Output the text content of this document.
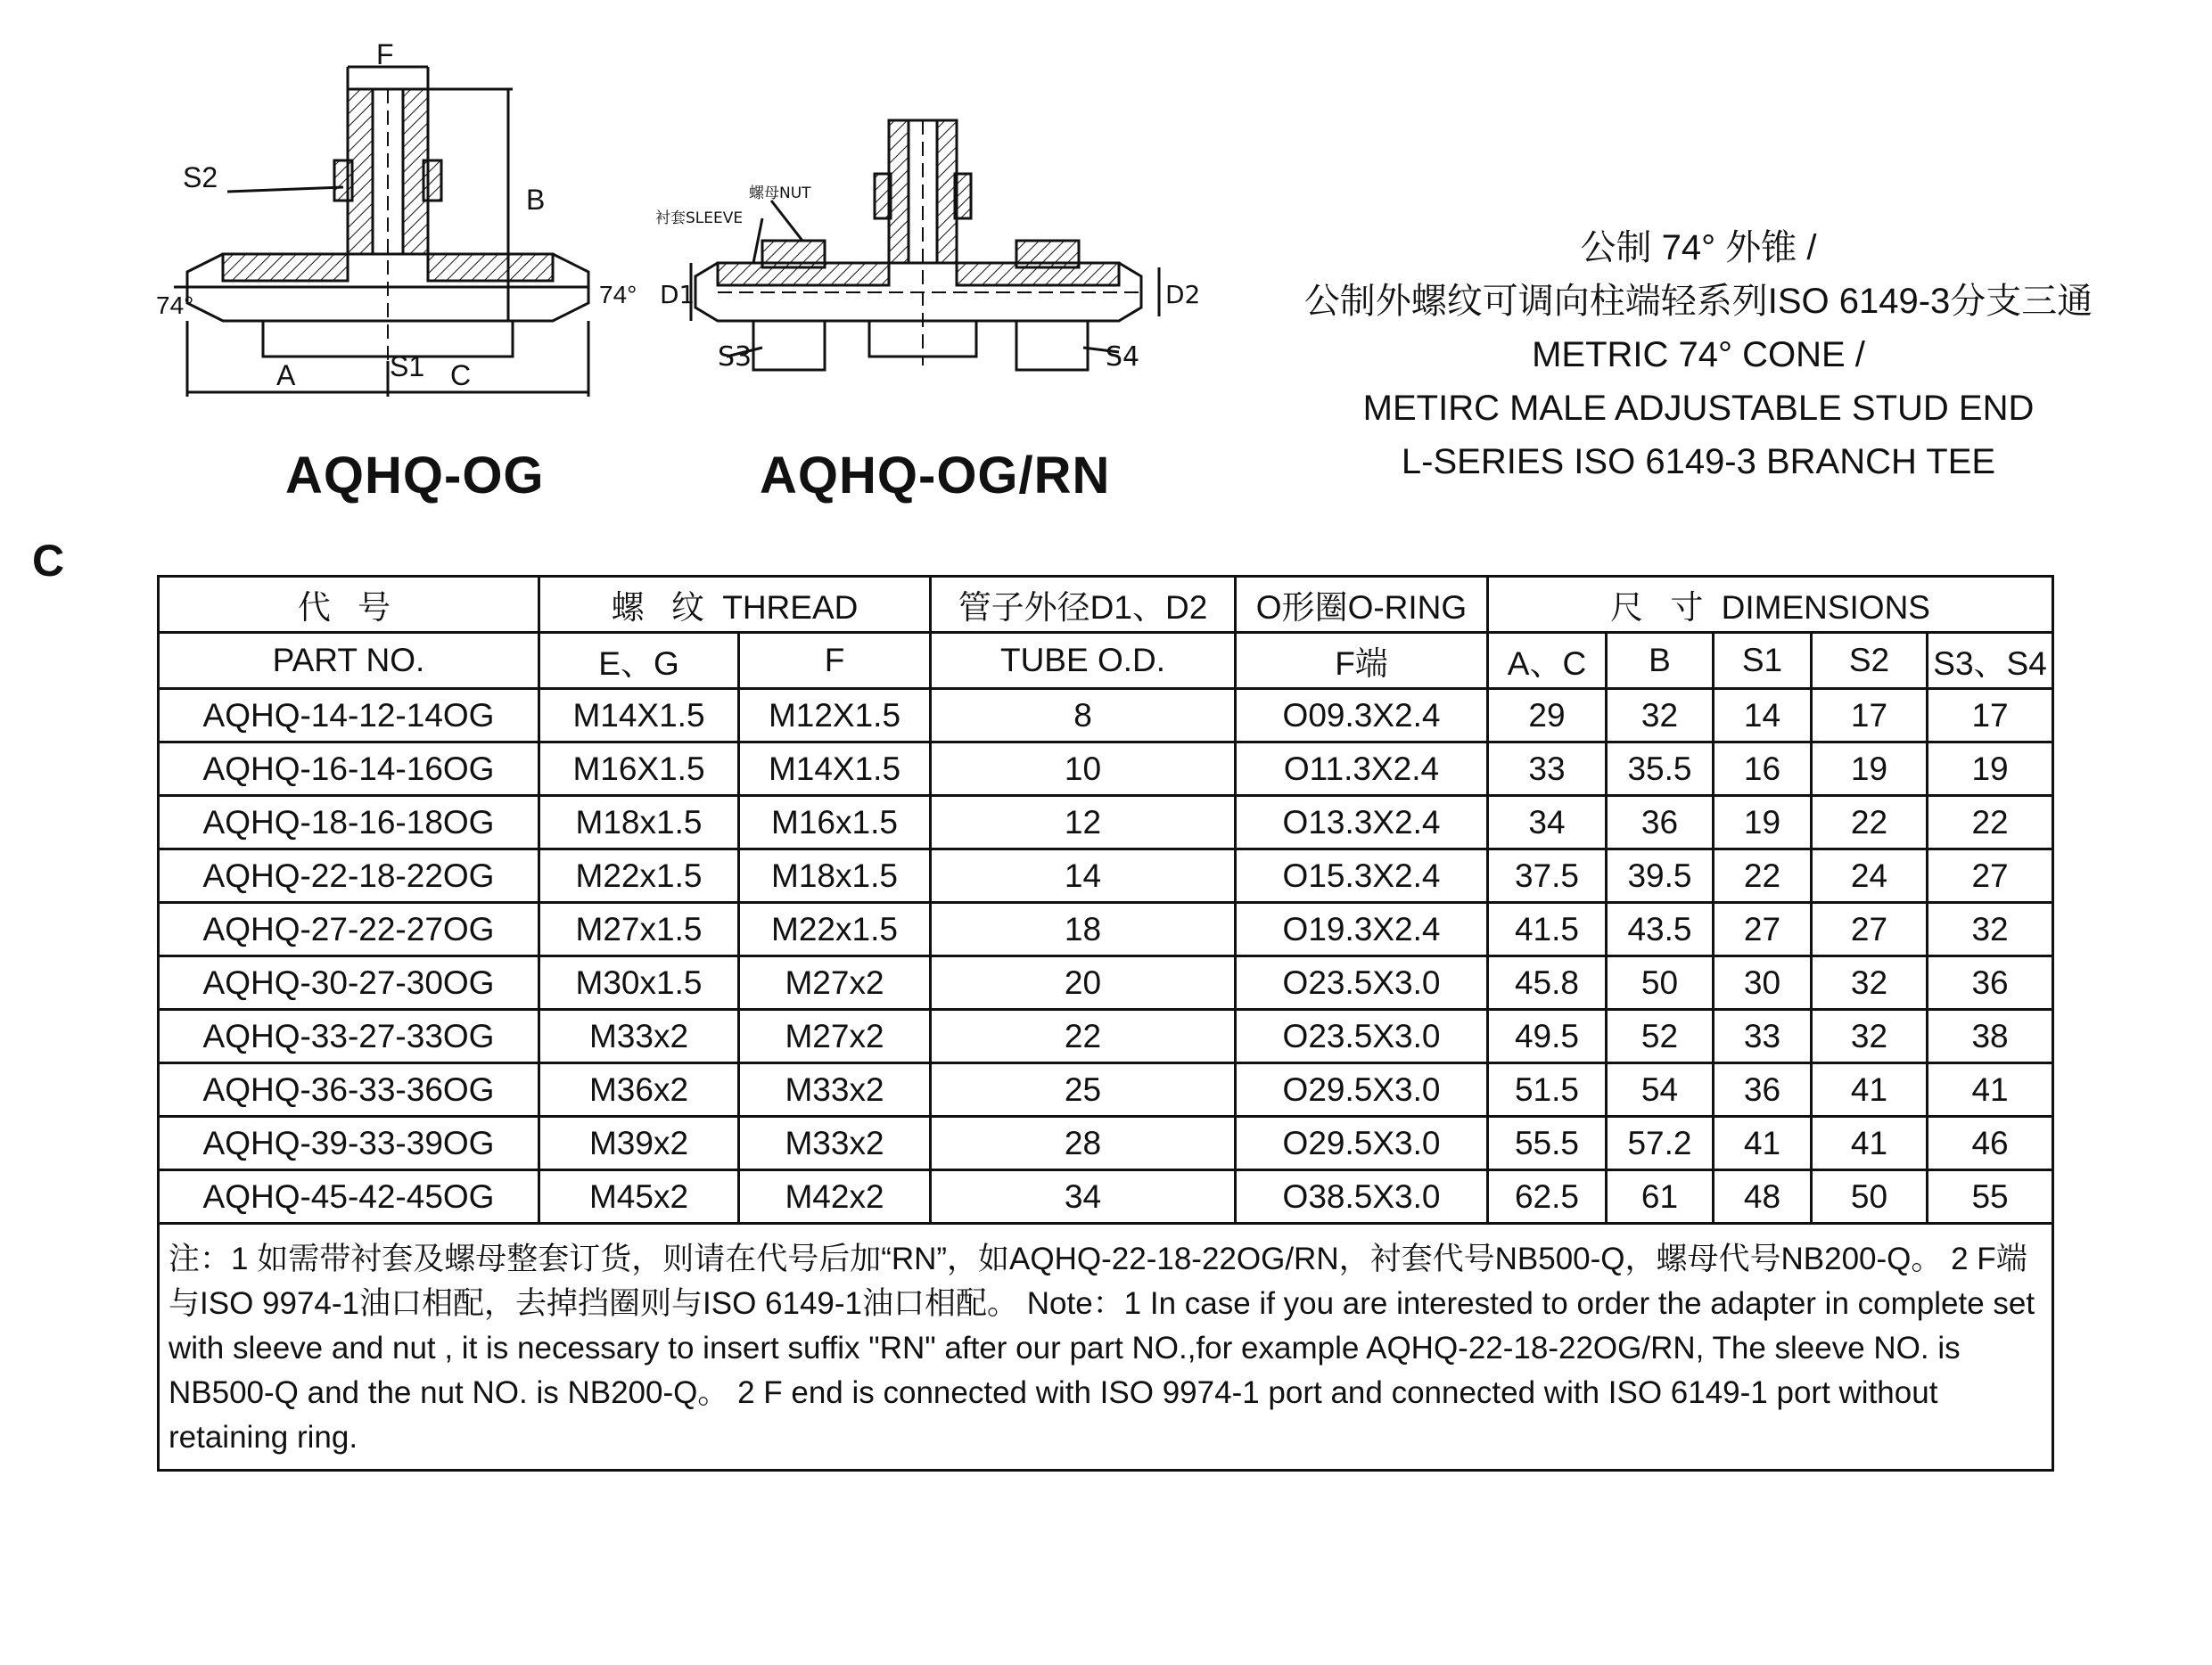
F
S2
B
74°	74°
A	S1 C
螺母NUT
衬套SLEEVE
D1	D2
S3	S4
AQHQ-OG	AQHQ-OG/RN
公制 74° 外锥 /
公制外螺纹可调向柱端轻系列ISO 6149-3分支三通
METRIC 74° CONE /
METIRC MALE ADJUSTABLE STUD END
L-SERIES ISO 6149-3 BRANCH TEE
C
代 号	螺 纹 THREAD		管子外径D1、D2	O形圈O-RING	尺 寸 DIMENSIONS				
PART NO.	E、G	F	TUBE O.D.	F端	A、C	B	S1	S2	S3、S4
AQHQ-14-12-14OG	M14X1.5	M12X1.5	8	O09.3X2.4	29	32	14	17	17
AQHQ-16-14-16OG	M16X1.5	M14X1.5	10	O11.3X2.4	33	35.5	16	19	19
AQHQ-18-16-18OG	M18x1.5	M16x1.5	12	O13.3X2.4	34	36	19	22	22
AQHQ-22-18-22OG	M22x1.5	M18x1.5	14	O15.3X2.4	37.5	39.5	22	24	27
AQHQ-27-22-27OG	M27x1.5	M22x1.5	18	O19.3X2.4	41.5	43.5	27	27	32
AQHQ-30-27-30OG	M30x1.5	M27x2	20	O23.5X3.0	45.8	50	30	32	36
AQHQ-33-27-33OG	M33x2	M27x2	22	O23.5X3.0	49.5	52	33	32	38
AQHQ-36-33-36OG	M36x2	M33x2	25	O29.5X3.0	51.5	54	36	41	41
AQHQ-39-33-39OG	M39x2	M33x2	28	O29.5X3.0	55.5	57.2	41	41	46
AQHQ-45-42-45OG	M45x2	M42x2	34	O38.5X3.0	62.5	61	48	50	55
注：1 如需带衬套及螺母整套订货，则请在代号后加“RN”，如AQHQ-22-18-22OG/RN，衬套代号NB500-Q，螺母代号NB200-Q。 2 F端与ISO 9974-1油口相配，去掉挡圈则与ISO 6149-1油口相配。 Note：1 In case if you are interested to order the adapter in complete set with sleeve and nut , it is necessary to insert suffix "RN" after our part NO.,for example AQHQ-22-18-22OG/RN, The sleeve NO. is NB500-Q and the nut NO. is NB200-Q。 2 F end is connected with ISO 9974-1 port and connected with ISO 6149-1 port without retaining ring.									
